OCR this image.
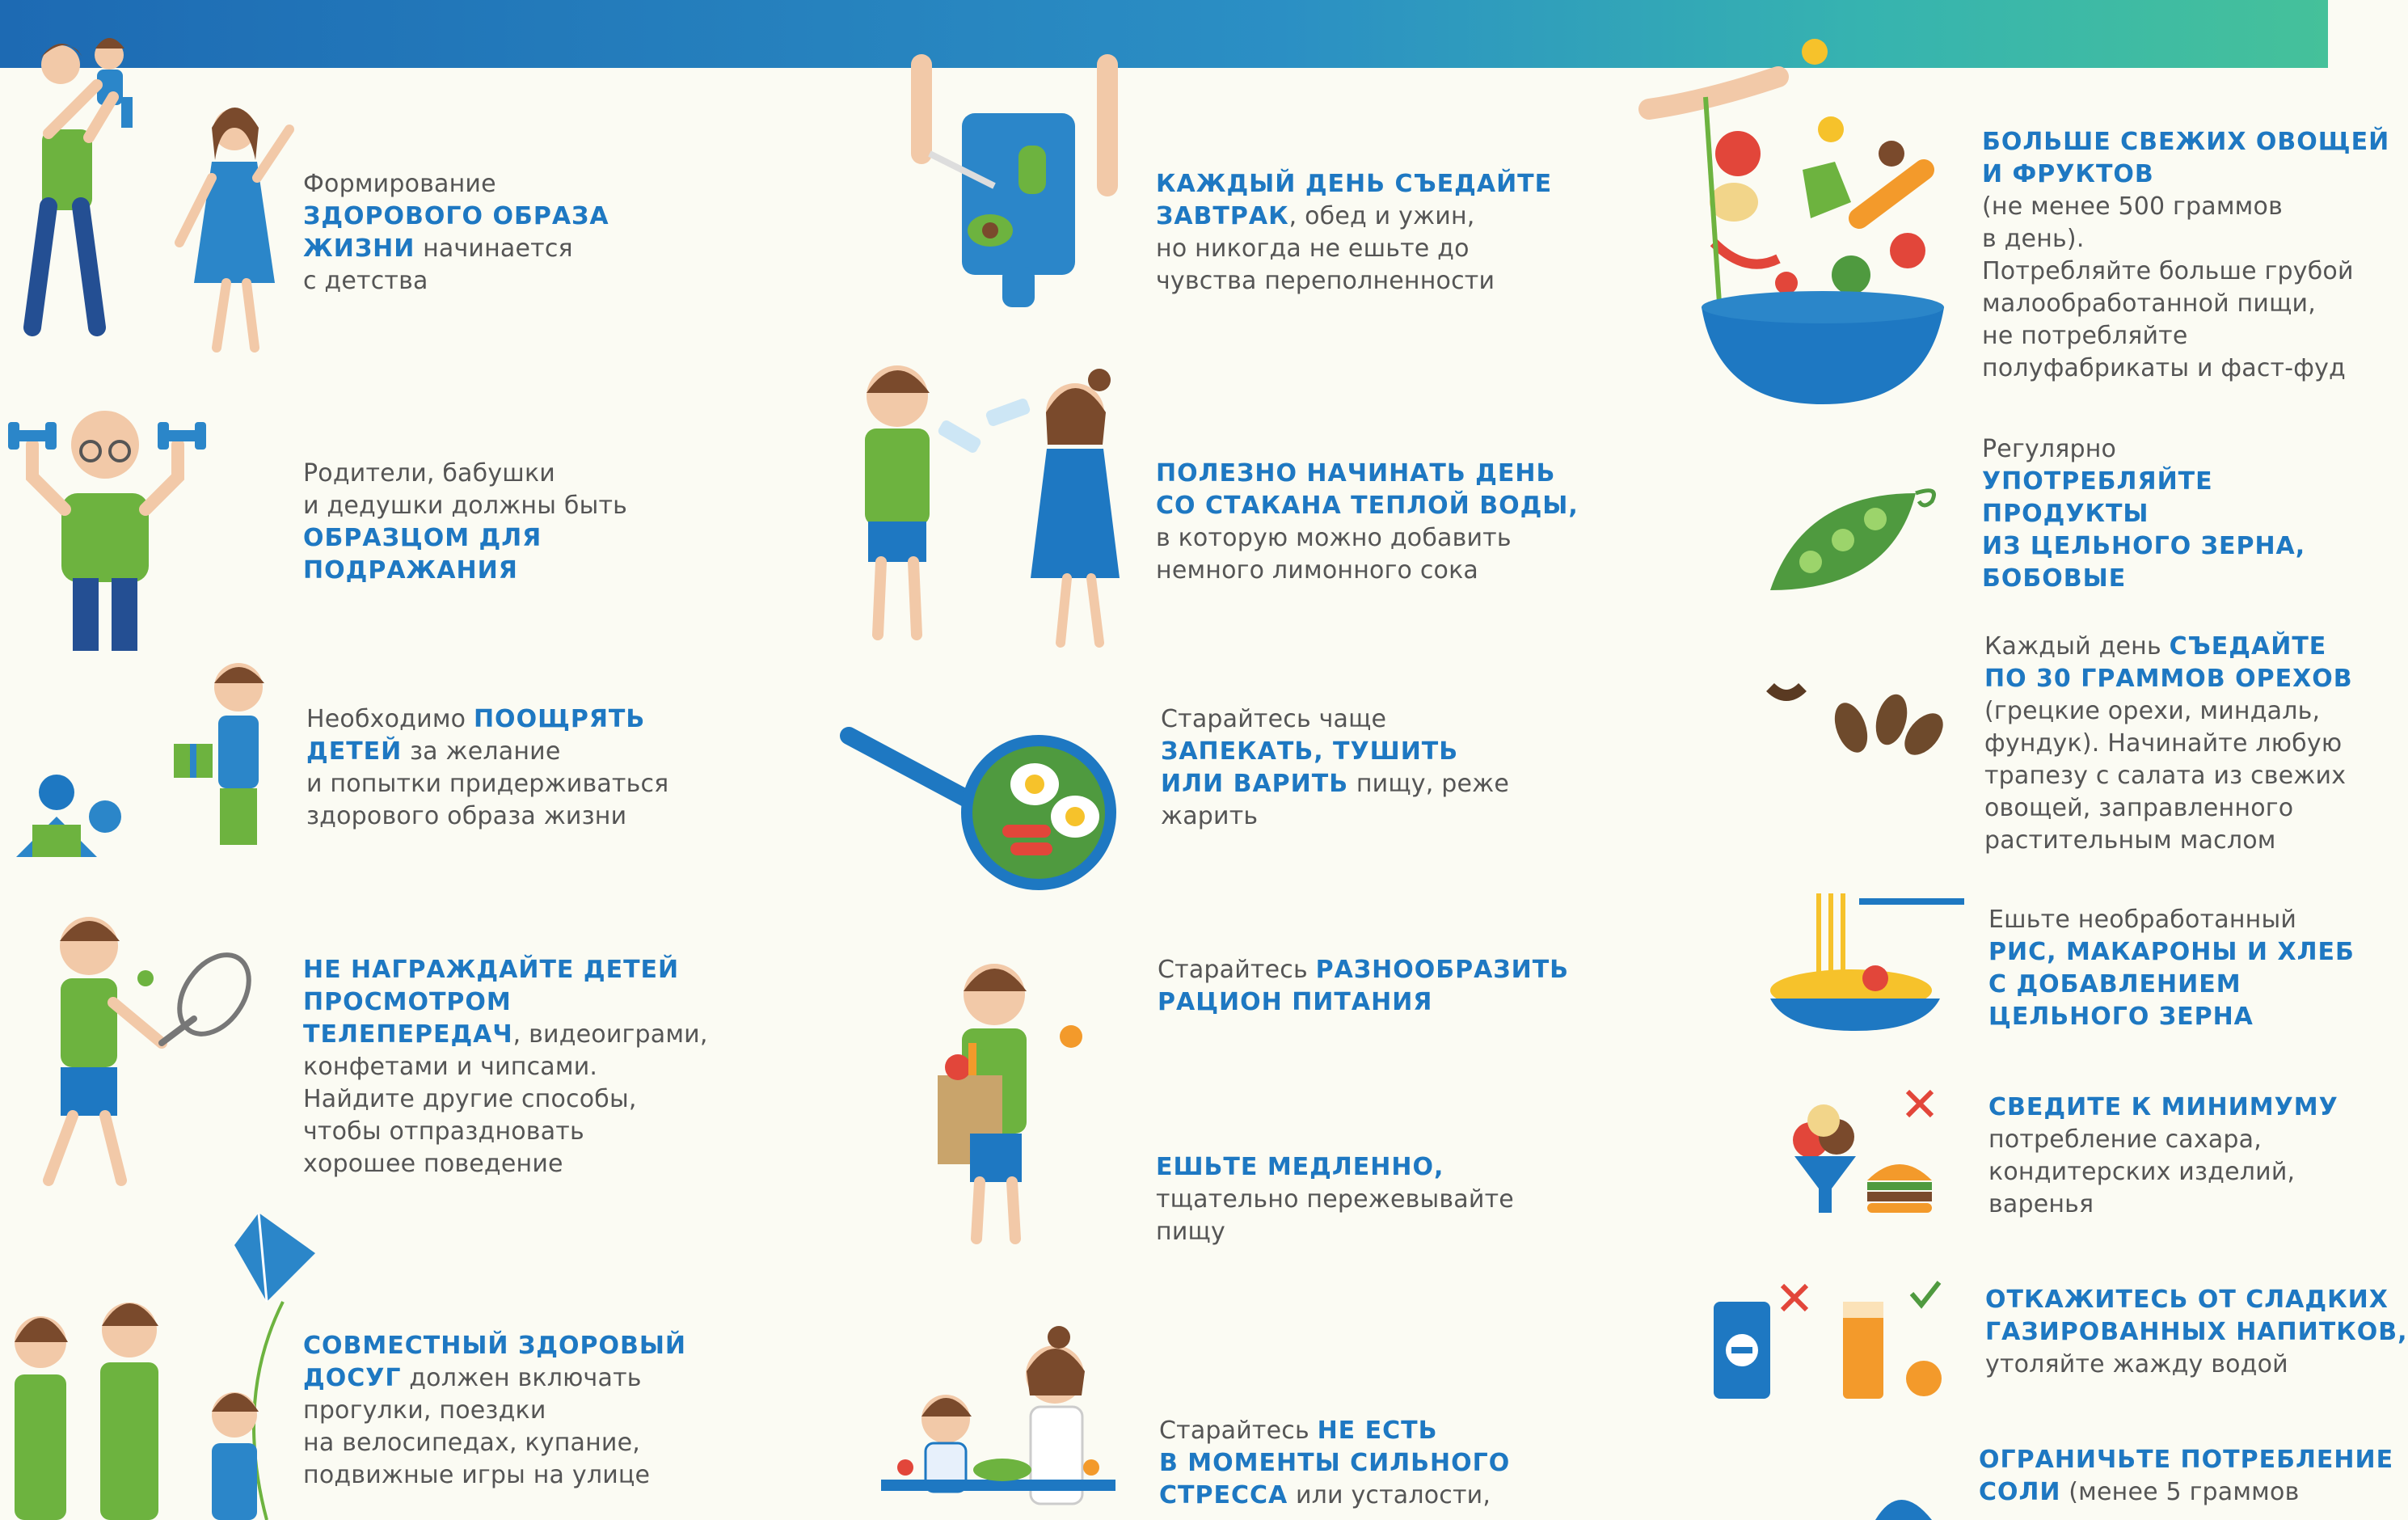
Формирование
ЗДОРОВОГО ОБРАЗА
ЖИЗНИ начинается
с детства
Родители, бабушки
и дедушки должны быть
ОБРАЗЦОМ ДЛЯ
ПОДРАЖАНИЯ
Необходимо ПООЩРЯТЬ
ДЕТЕЙ за желание
и попытки придерживаться
здорового образа жизни
НЕ НАГРАЖДАЙТЕ ДЕТЕЙ
ПРОСМОТРОМ
ТЕЛЕПЕРЕДАЧ, видеоиграми,
конфетами и чипсами.
Найдите другие способы,
чтобы отпраздновать
хорошее поведение
СОВМЕСТНЫЙ ЗДОРОВЫЙ
ДОСУГ должен включать
прогулки, поездки
на велосипедах, купание,
подвижные игры на улице
КАЖДЫЙ ДЕНЬ СЪЕДАЙТЕ
ЗАВТРАК, обед и ужин,
но никогда не ешьте до
чувства переполненности
ПОЛЕЗНО НАЧИНАТЬ ДЕНЬ
СО СТАКАНА ТЕПЛОЙ ВОДЫ,
в которую можно добавить
немного лимонного сока
Старайтесь чаще
ЗАПЕКАТЬ, ТУШИТЬ
ИЛИ ВАРИТЬ пищу, реже
жарить
Старайтесь РАЗНООБРАЗИТЬ
РАЦИОН ПИТАНИЯ
ЕШЬТЕ МЕДЛЕННО,
тщательно пережевывайте
пищу
Старайтесь НЕ ЕСТЬ
В МОМЕНТЫ СИЛЬНОГО
СТРЕССА или усталости,
БОЛЬШЕ СВЕЖИХ ОВОЩЕЙ
И ФРУКТОВ
(не менее 500 граммов
в день).
Потребляйте больше грубой
малообработанной пищи,
не потребляйте
полуфабрикаты и фаст-фуд
Регулярно
УПОТРЕБЛЯЙТЕ
ПРОДУКТЫ
ИЗ ЦЕЛЬНОГО ЗЕРНА,
БОБОВЫЕ
Каждый день СЪЕДАЙТЕ
ПО 30 ГРАММОВ ОРЕХОВ
(грецкие орехи, миндаль,
фундук). Начинайте любую
трапезу с салата из свежих
овощей, заправленного
растительным маслом
Ешьте необработанный
РИС, МАКАРОНЫ И ХЛЕБ
С ДОБАВЛЕНИЕМ
ЦЕЛЬНОГО ЗЕРНА
СВЕДИТЕ К МИНИМУМУ
потребление сахара,
кондитерских изделий,
варенья
ОТКАЖИТЕСЬ ОТ СЛАДКИХ
ГАЗИРОВАННЫХ НАПИТКОВ,
утоляйте жажду водой
ОГРАНИЧЬТЕ ПОТРЕБЛЕНИЕ
СОЛИ (менее 5 граммов
